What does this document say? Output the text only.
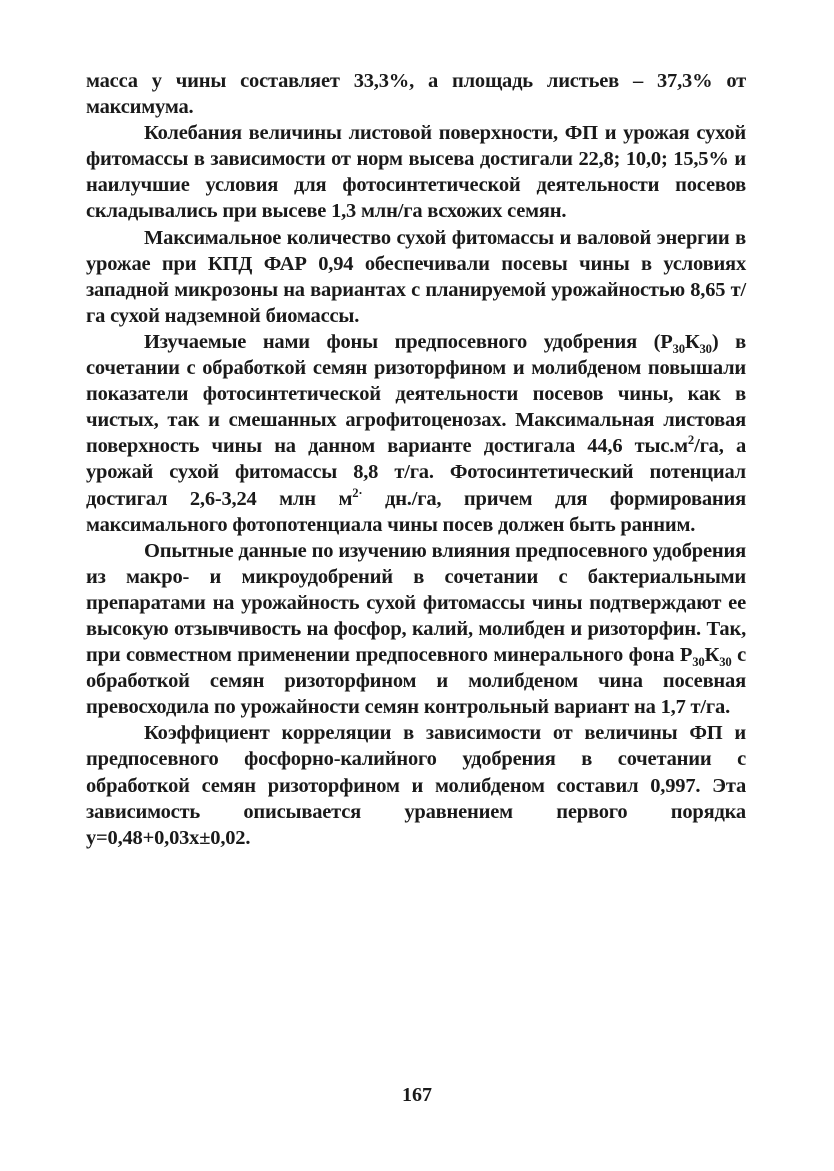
масса у чины составляет 33,3%, а площадь листьев – 37,3% от максимума.

Колебания величины листовой поверхности, ФП и урожая сухой фитомассы в зависимости от норм высева достигали 22,8; 10,0; 15,5% и наилучшие условия для фотосинтетической деятельности посевов складывались при высеве 1,3 млн/га всхожих семян.

Максимальное количество сухой фитомассы и валовой энергии в урожае при КПД ФАР 0,94 обеспечивали посевы чины в условиях западной микрозоны на вариантах с планируемой урожайностью 8,65 т/га сухой надземной биомассы.

Изучаемые нами фоны предпосевного удобрения $(Р_{30}К_{30})$ в сочетании с обработкой семян ризоторфином и молибденом повышали показатели фотосинтетической деятельности посевов чины, как в чистых, так и смешанных агрофитоценозах. Максимальная листовая поверхность чины на данном варианте достигала 44,6 $тыс.м^2/га$, а урожай сухой фитомассы 8,8 т/га. Фотосинтетический потенциал достигал 2,6-3,24 млн $м^{2\cdot}$ дн./га, причем для формирования максимального фотопотенциала чины посев должен быть ранним.

Опытные данные по изучению влияния предпосевного удобрения из макро- и микроудобрений в сочетании с бактериальными препаратами на урожайность сухой фитомассы чины подтверждают ее высокую отзывчивость на фосфор, калий, молибден и ризоторфин. Так, при совместном применении предпосевного минерального фона $Р_{30}К_{30}$ с обработкой семян ризоторфином и молибденом чина посевная превосходила по урожайности семян контрольный вариант на 1,7 т/га.

Коэффициент корреляции в зависимости от величины ФП и предпосевного фосфорно-калийного удобрения в сочетании с обработкой семян ризоторфином и молибденом составил 0,997. Эта зависимость описывается уравнением первого порядка у=0,48+0,03х±0,02.

167
